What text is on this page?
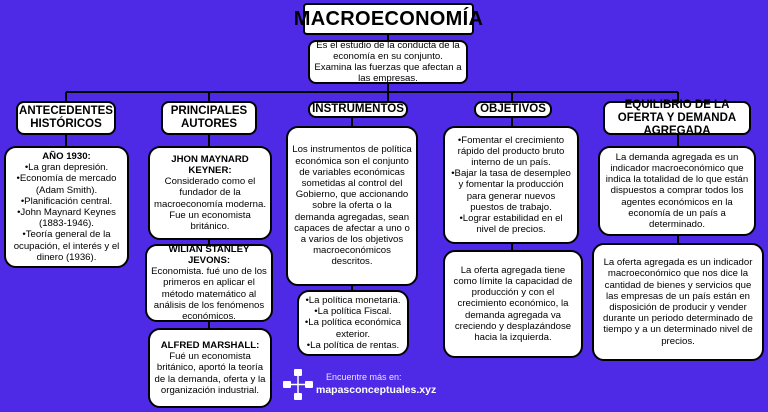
MACROECONOMÍA
Es el estudio de la conducta de la economía en su conjunto. Examina las fuerzas que afectan a las empresas.
ANTECEDENTES HISTÓRICOS
AÑO 1930:
•La gran depresión.
•Economía de mercado (Adam Smith).
•Planificación central.
•John Maynard Keynes (1883-1946).
•Teoría general de la ocupación, el interés y el dinero (1936).
PRINCIPALES AUTORES
JHON MAYNARD KEYNER:
Considerado como el fundador de la macroeconomía moderna. Fue un economista británico.
WILIAN STANLEY JEVONS:
Economista. fué uno de los primeros en aplicar el método matemático al análisis de los fenómenos económicos.
ALFRED MARSHALL:
Fué un economista británico, aportó la teoría de la demanda, oferta y la organización industrial.
INSTRUMENTOS
Los instrumentos de política económica son el conjunto de variables económicas sometidas al control del Gobierno, que accionando sobre la oferta o la demanda agregadas, sean capaces de afectar a uno o a varios de los objetivos macroeconómicos descritos.
•La política monetaria.
•La política Fiscal.
•La política económica exterior.
•La política de rentas.
OBJETIVOS
•Fomentar el crecimiento rápido del producto bruto interno de un país.
•Bajar la tasa de desempleo y fomentar la producción para generar nuevos puestos de trabajo.
•Lograr estabilidad en el nivel de precios.
La oferta agregada tiene como límite la capacidad de producción y con el crecimiento económico, la demanda agregada va creciendo y desplazándose hacia la izquierda.
EQUILIBRIO DE LA OFERTA Y DEMANDA AGREGADA
La demanda agregada es un indicador macroeconómico que indica la totalidad de lo que están dispuestos a comprar todos los agentes económicos en la economía de un país a determinado.
La oferta agregada es un indicador macroeconómico que nos dice la cantidad de bienes y servicios que las empresas de un país están en disposición de producir y vender durante un periodo determinado de tiempo y a un determinado nivel de precios.
Encuentre más en:
mapasconceptuales.xyz
